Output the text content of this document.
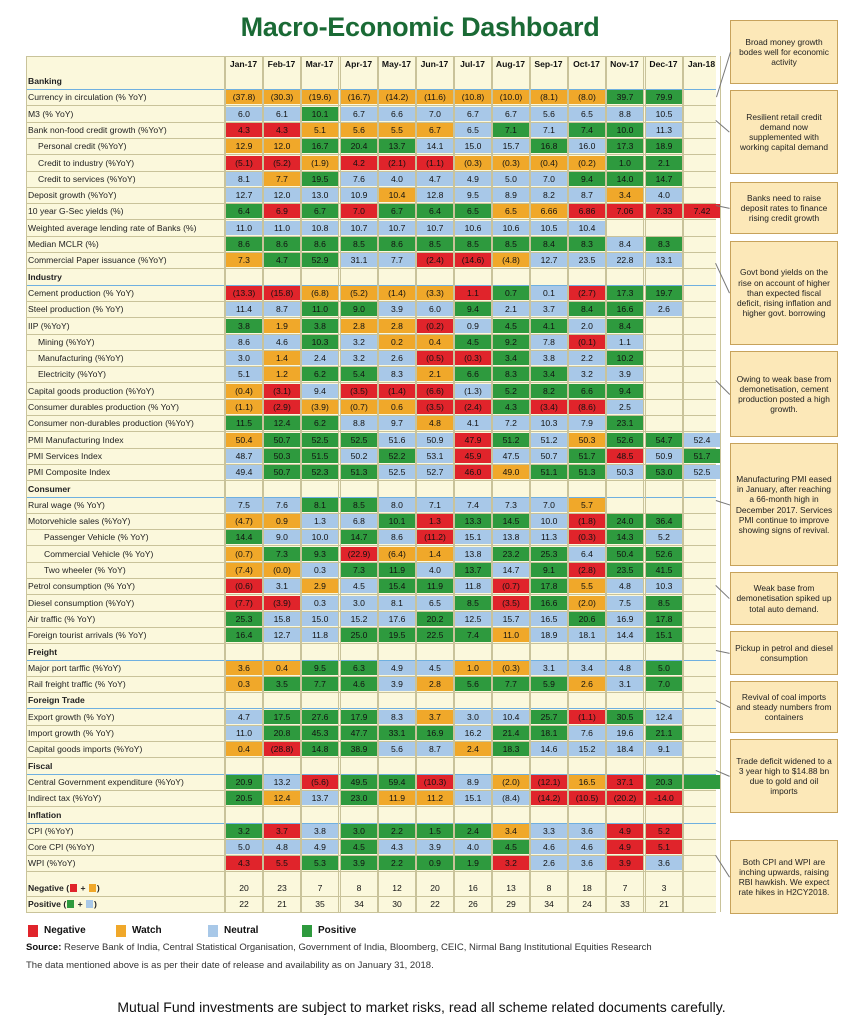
Macro-Economic Dashboard
Jan-17	Feb-17	Mar-17	Apr-17	May-17	Jun-17	Jul-17	Aug-17	Sep-17	Oct-17	Nov-17	Dec-17	Jan-18
Banking
Currency in circulation (% YoY)	(37.8)	(30.3)	(19.6)	(16.7)	(14.2)	(11.6)	(10.8)	(10.0)	(8.1)	(8.0)	39.7	79.9
M3 (% YoY)	6.0	6.1	10.1	6.7	6.6	7.0	6.7	6.7	5.6	6.5	8.8	10.5
Bank non-food credit growth (%YoY)	4.3	4.3	5.1	5.6	5.5	6.7	6.5	7.1	7.1	7.4	10.0	11.3
Personal credit (%YoY)	12.9	12.0	16.7	20.4	13.7	14.1	15.0	15.7	16.8	16.0	17.3	18.9
Credit to industry (%YoY)	(5.1)	(5.2)	(1.9)	4.2	(2.1)	(1.1)	(0.3)	(0.3)	(0.4)	(0.2)	1.0	2.1
Credit to services (%YoY)	8.1	7.7	19.5	7.6	4.0	4.7	4.9	5.0	7.0	9.4	14.0	14.7
Deposit growth (%YoY)	12.7	12.0	13.0	10.9	10.4	12.8	9.5	8.9	8.2	8.7	3.4	4.0
10 year G-Sec yields (%)	6.4	6.9	6.7	7.0	6.7	6.4	6.5	6.5	6.66	6.86	7.06	7.33	7.42
Weighted average lending rate of Banks (%)	11.0	11.0	10.8	10.7	10.7	10.7	10.6	10.6	10.5	10.4
Median MCLR (%)	8.6	8.6	8.6	8.5	8.6	8.5	8.5	8.5	8.4	8.3	8.4	8.3
Commercial Paper issuance (%YoY)	7.3	4.7	52.9	31.1	7.7	(2.4)	(14.6)	(4.8)	12.7	23.5	22.8	13.1
Industry
Cement production (% YoY)	(13.3)	(15.8)	(6.8)	(5.2)	(1.4)	(3.3)	1.1	0.7	0.1	(2.7)	17.3	19.7
Steel production (% YoY)	11.4	8.7	11.0	9.0	3.9	6.0	9.4	2.1	3.7	8.4	16.6	2.6
IIP (%YoY)	3.8	1.9	3.8	2.8	2.8	(0.2)	0.9	4.5	4.1	2.0	8.4
Mining (%YoY)	8.6	4.6	10.3	3.2	0.2	0.4	4.5	9.2	7.8	(0.1)	1.1
Manufacturing (%YoY)	3.0	1.4	2.4	3.2	2.6	(0.5)	(0.3)	3.4	3.8	2.2	10.2
Electricity (%YoY)	5.1	1.2	6.2	5.4	8.3	2.1	6.6	8.3	3.4	3.2	3.9
Capital goods production (%YoY)	(0.4)	(3.1)	9.4	(3.5)	(1.4)	(6.6)	(1.3)	5.2	8.2	6.6	9.4
Consumer durables production (% YoY)	(1.1)	(2.9)	(3.9)	(0.7)	0.6	(3.5)	(2.4)	4.3	(3.4)	(8.6)	2.5
Consumer non-durables production (%YoY)	11.5	12.4	6.2	8.8	9.7	4.8	4.1	7.2	10.3	7.9	23.1
PMI Manufacturing Index	50.4	50.7	52.5	52.5	51.6	50.9	47.9	51.2	51.2	50.3	52.6	54.7	52.4
PMI Services Index	48.7	50.3	51.5	50.2	52.2	53.1	45.9	47.5	50.7	51.7	48.5	50.9	51.7
PMI Composite Index	49.4	50.7	52.3	51.3	52.5	52.7	46.0	49.0	51.1	51.3	50.3	53.0	52.5
Consumer
Rural wage (% YoY)	7.5	7.6	8.1	8.5	8.0	7.1	7.4	7.3	7.0	5.7
Motorvehicle sales (%YoY)	(4.7)	0.9	1.3	6.8	10.1	1.3	13.3	14.5	10.0	(1.8)	24.0	36.4
Passenger Vehicle (% YoY)	14.4	9.0	10.0	14.7	8.6	(11.2)	15.1	13.8	11.3	(0.3)	14.3	5.2
Commercial Vehicle (% YoY)	(0.7)	7.3	9.3	(22.9)	(6.4)	1.4	13.8	23.2	25.3	6.4	50.4	52.6
Two wheeler (% YoY)	(7.4)	(0.0)	0.3	7.3	11.9	4.0	13.7	14.7	9.1	(2.8)	23.5	41.5
Petrol consumption (% YoY)	(0.6)	3.1	2.9	4.5	15.4	11.9	11.8	(0.7)	17.8	5.5	4.8	10.3
Diesel consumption (%YoY)	(7.7)	(3.9)	0.3	3.0	8.1	6.5	8.5	(3.5)	16.6	(2.0)	7.5	8.5
Air traffic (% YoY)	25.3	15.8	15.0	15.2	17.6	20.2	12.5	15.7	16.5	20.6	16.9	17.8
Foreign tourist arrivals (% YoY)	16.4	12.7	11.8	25.0	19.5	22.5	7.4	11.0	18.9	18.1	14.4	15.1
Freight
Major port tarffic (%YoY)	3.6	0.4	9.5	6.3	4.9	4.5	1.0	(0.3)	3.1	3.4	4.8	5.0
Rail freight traffic (% YoY)	0.3	3.5	7.7	4.6	3.9	2.8	5.6	7.7	5.9	2.6	3.1	7.0
Foreign Trade
Export growth (% YoY)	4.7	17.5	27.6	17.9	8.3	3.7	3.0	10.4	25.7	(1.1)	30.5	12.4
Import growth (% YoY)	11.0	20.8	45.3	47.7	33.1	16.9	16.2	21.4	18.1	7.6	19.6	21.1
Capital goods imports (%YoY)	0.4	(28.8)	14.8	38.9	5.6	8.7	2.4	18.3	14.6	15.2	18.4	9.1
Fiscal
Central Government expenditure (%YoY)	20.9	13.2	(5.6)	49.5	59.4	(10.3)	8.9	(2.0)	(12.1)	16.5	37.1	20.3
Indirect tax (%YoY)	20.5	12.4	13.7	23.0	11.9	11.2	15.1	(8.4)	(14.2)	(10.5)	(20.2)	-14.0
Inflation
CPI (%YoY)	3.2	3.7	3.8	3.0	2.2	1.5	2.4	3.4	3.3	3.6	4.9	5.2
Core CPI (%YoY)	5.0	4.8	4.9	4.5	4.3	3.9	4.0	4.5	4.6	4.6	4.9	5.1
WPI (%YoY)	4.3	5.5	5.3	3.9	2.2	0.9	1.9	3.2	2.6	3.6	3.9	3.6
Negative ( + )	20	23	7	8	12	20	16	13	8	18	7	3
Positive ( + )	22	21	35	34	30	22	26	29	34	24	33	21
Broad money growth bodes well for economic activity
Resilient retail credit demand now supplemented with working capital demand
Banks need to raise deposit rates to finance rising credit growth
Govt bond yields on the rise on account of higher than expected fiscal deficit, rising inflation and higher govt. borrowing
Owing to weak base from demonetisation, cement production posted a high growth.
Manufacturing PMI eased in January, after reaching a 66-month high in December 2017. Services PMI continue to improve showing signs of revival.
Weak base from demonetisation spiked up total auto demand.
Pickup in petrol and diesel consumption
Revival of coal imports and steady numbers from containers
Trade deficit widened to a 3 year high to $14.88 bn due to gold and oil imports
Both CPI and WPI are inching upwards, raising RBI hawkish. We expect rate hikes in H2CY2018.
Negative	Watch	Neutral	Positive
Source: Reserve Bank of India, Central Statistical Organisation, Government of India, Bloomberg, CEIC, Nirmal Bang Institutional Equities Research
The data mentioned above is as per their date of release and availability as on January 31, 2018.
Mutual Fund investments are subject to market risks, read all scheme related documents carefully.
